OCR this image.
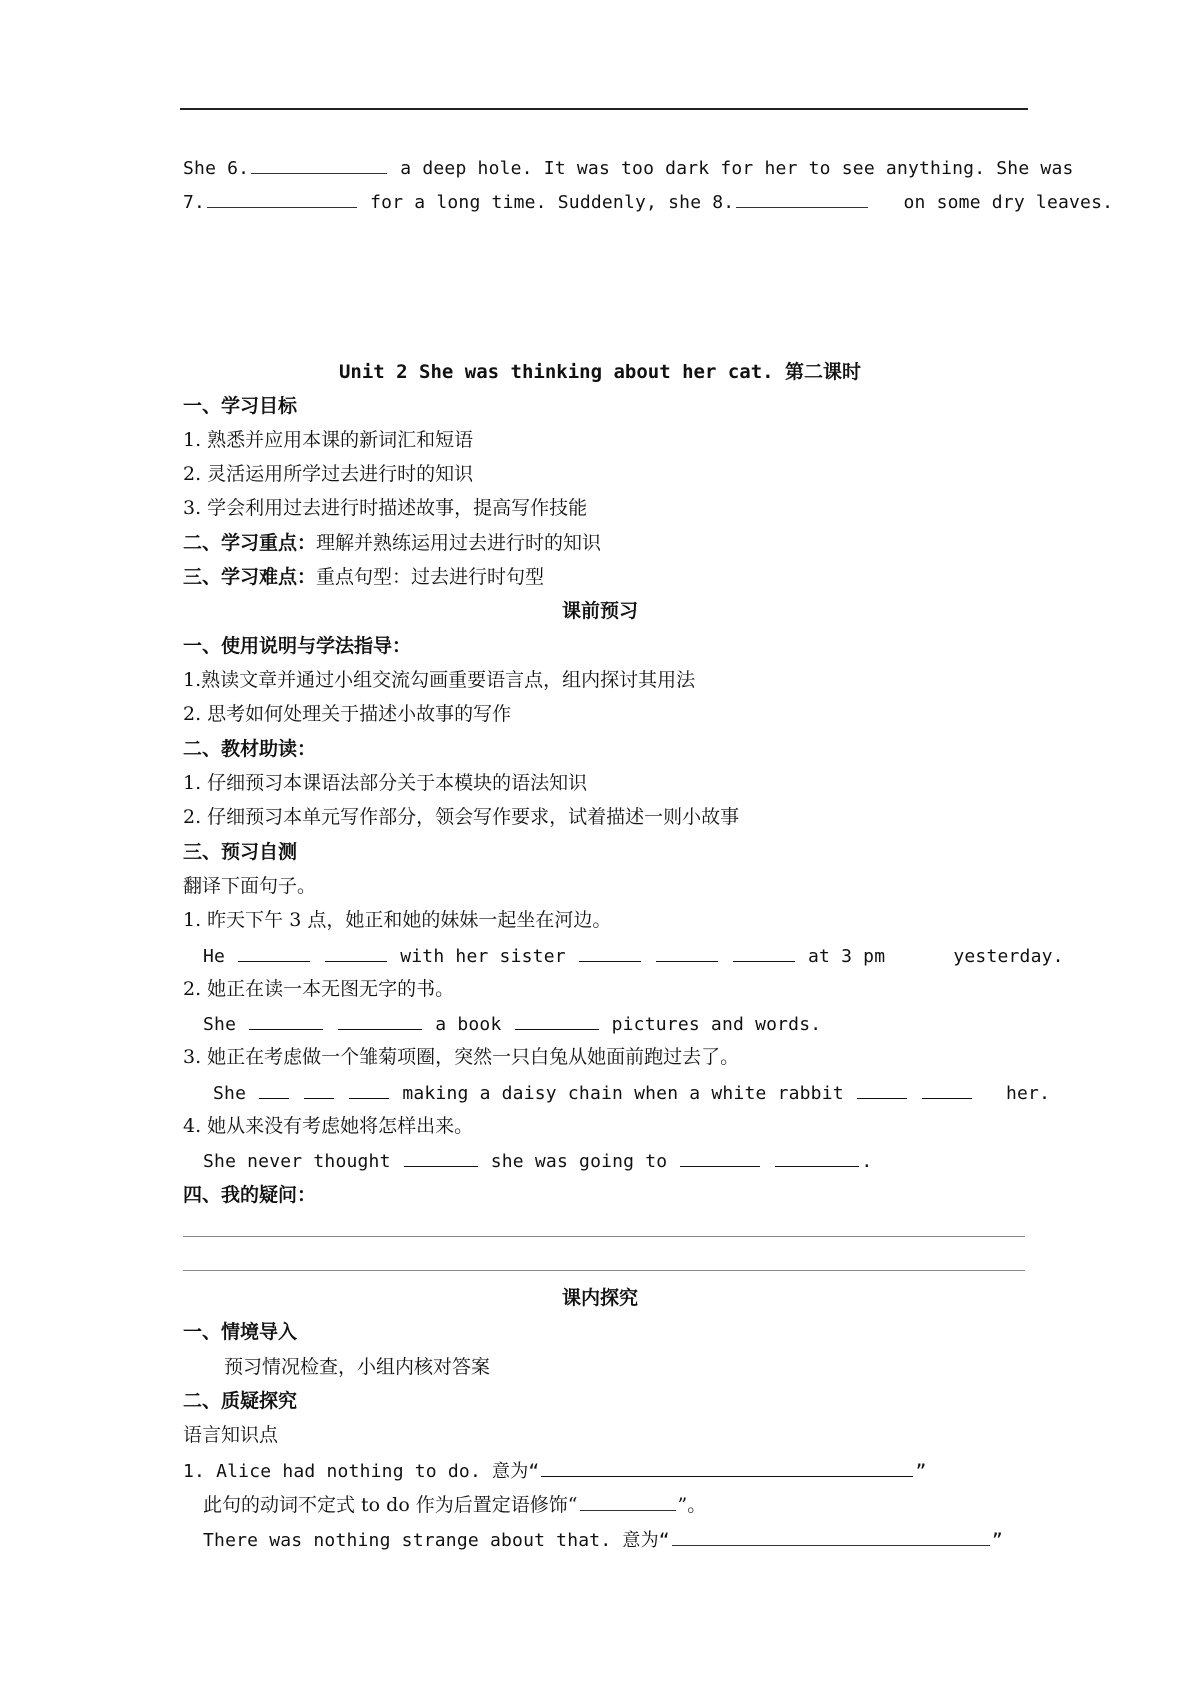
She 6.	a deep hole. It was too dark for her to see anything. She was
7.	for a long time. Suddenly, she 8.	on some dry leaves.
Unit 2 She was thinking about her cat. 第二课时
一、学习目标
1. 熟悉并应用本课的新词汇和短语
2. 灵活运用所学过去进行时的知识
3. 学会利用过去进行时描述故事，提高写作技能
二、学习重点：理解并熟练运用过去进行时的知识
三、学习难点：重点句型：过去进行时句型
课前预习
一、使用说明与学法指导：
1.熟读文章并通过小组交流勾画重要语言点，组内探讨其用法
2. 思考如何处理关于描述小故事的写作
二、教材助读：
1. 仔细预习本课语法部分关于本模块的语法知识
2. 仔细预习本单元写作部分，领会写作要求，试着描述一则小故事
三、预习自测
翻译下面句子。
1. 昨天下午 3 点，她正和她的妹妹一起坐在河边。
He	with her sister	at 3 pm	yesterday.
2. 她正在读一本无图无字的书。
She	a book	pictures and words.
3. 她正在考虑做一个雏菊项圈，突然一只白兔从她面前跑过去了。
She	making a daisy chain when a white rabbit	her.
4. 她从来没有考虑她将怎样出来。
She never thought	she was going to	.
四、我的疑问：
课内探究
一、情境导入
预习情况检查，小组内核对答案
二、质疑探究
语言知识点
1. Alice had nothing to do. 意为“	”
此句的动词不定式 to do 作为后置定语修饰“	”。
There was nothing strange about that. 意为“	”
